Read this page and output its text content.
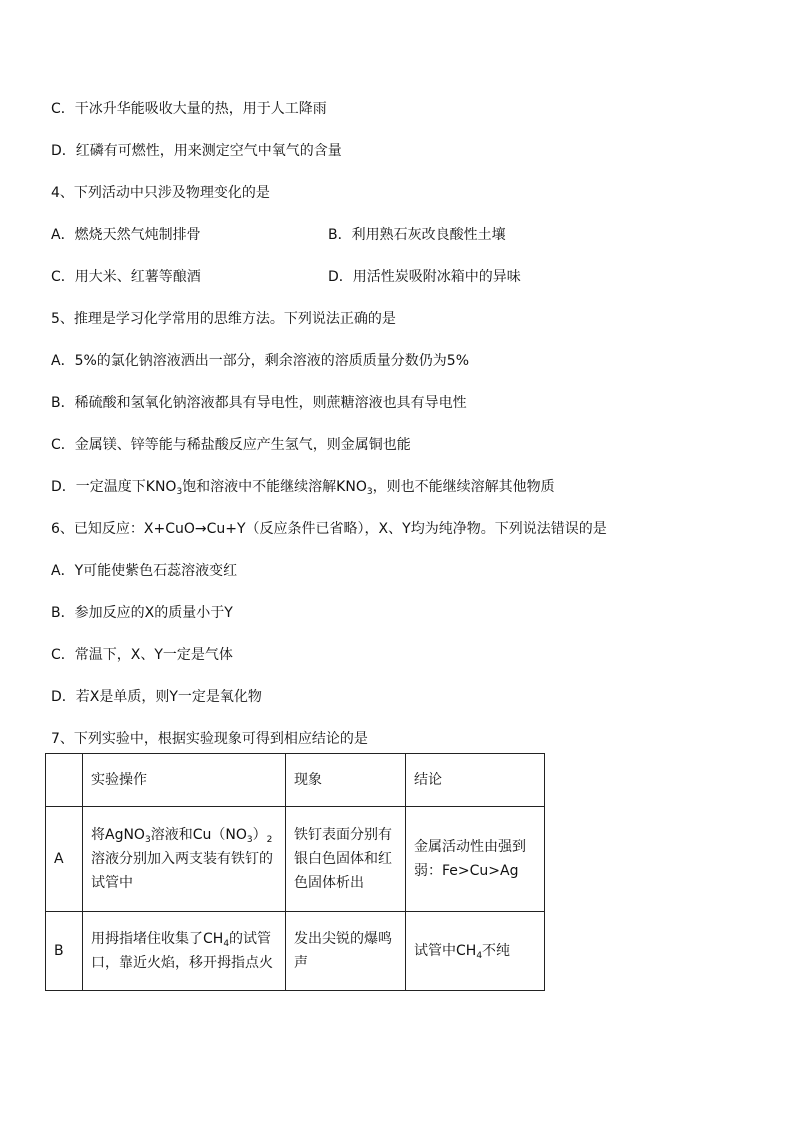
C．干冰升华能吸收大量的热，用于人工降雨
D．红磷有可燃性，用来测定空气中氧气的含量
4、下列活动中只涉及物理变化的是
A．燃烧天然气炖制排骨	B．利用熟石灰改良酸性土壤
C．用大米、红薯等酿酒	D．用活性炭吸附冰箱中的异味
5、推理是学习化学常用的思维方法。下列说法正确的是
A．5%的氯化钠溶液洒出一部分，剩余溶液的溶质质量分数仍为5%
B．稀硫酸和氢氧化钠溶液都具有导电性，则蔗糖溶液也具有导电性
C．金属镁、锌等能与稀盐酸反应产生氢气，则金属铜也能
D．一定温度下$KNO_3$饱和溶液中不能继续溶解$KNO_3$，则也不能继续溶解其他物质
6、已知反应：X+CuO→Cu+Y（反应条件已省略），X、Y均为纯净物。下列说法错误的是
A．Y可能使紫色石蕊溶液变红
B．参加反应的X的质量小于Y
C．常温下，X、Y一定是气体
D．若X是单质，则Y一定是氧化物
7、下列实验中，根据实验现象可得到相应结论的是
	实验操作	现象	结论
A	将AgNO$_3$溶液和$Cu(NO_3)_2$溶液分别加入两支装有铁钉的试管中	铁钉表面分别有银白色固体和红色固体析出	金属活动性由强到弱：Fe>Cu>Ag
B	用拇指堵住收集了$CH_4$的试管口，靠近火焰，移开拇指点火	发出尖锐的爆鸣声	试管中$CH_4$不纯
